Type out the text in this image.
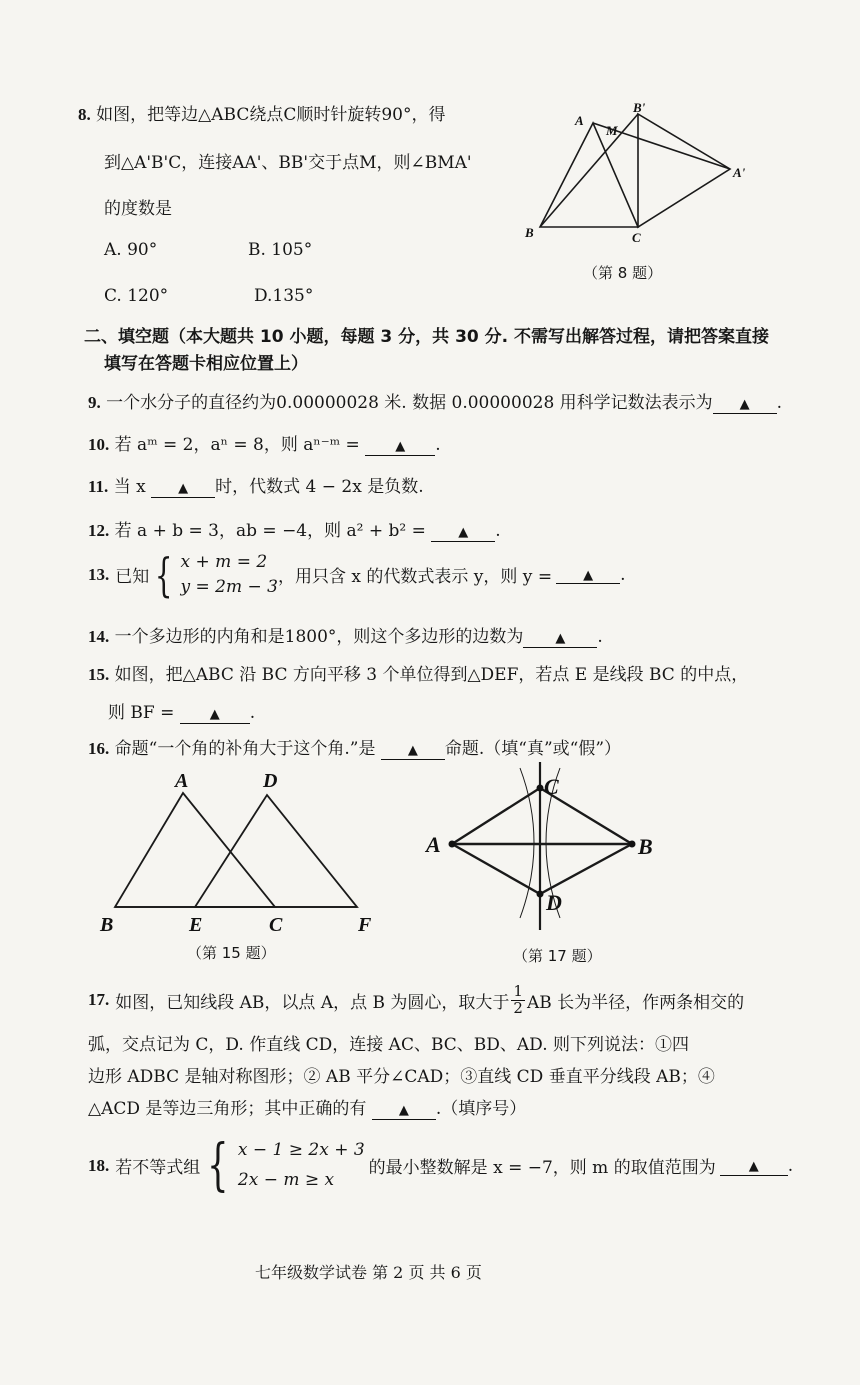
8. 如图，把等边△ABC绕点C顺时针旋转90°，得
到△A'B'C，连接AA'、BB'交于点M，则∠BMA'
的度数是
A. 90°	B. 105°
C. 120°	D.135°
A
M
B'
A'
B	C
（第 8 题）
二、填空题（本大题共 10 小题，每题 3 分，共 30 分. 不需写出解答过程，请把答案直接
填写在答题卡相应位置上）
9. 一个水分子的直径约为0.00000028 米. 数据 0.00000028 用科学记数法表示为 ▲ .
10. 若 aᵐ = 2，aⁿ = 8，则 aⁿ⁻ᵐ =	▲ .
11. 当 x ▲ 时，代数式 4 − 2x 是负数.
12. 若 a + b = 3，ab = −4，则 a² + b² = ▲ .
13. 已知 { x + m = 2
y = 2m − 3 ，用只含 x 的代数式表示 y，则 y =	▲	.
14. 一个多边形的内角和是1800°，则这个多边形的边数为 ▲ .
15. 如图，把△ABC 沿 BC 方向平移 3 个单位得到△DEF，若点 E 是线段 BC 的中点，
则 BF =	▲ .
16. 命题“一个角的补角大于这个角.”是 ▲ 命题.（填“真”或“假”）
A	D
B	E	C	F
（第 15 题）
A	B
C
D
（第 17 题）
17. 如图，已知线段 AB，以点 A，点 B 为圆心，取大于 $\frac{1}{2}$ AB 长为半径，作两条相交的
弧，交点记为 C，D. 作直线 CD，连接 AC、BC、BD、AD. 则下列说法：①四
边形 ADBC 是轴对称图形；② AB 平分∠CAD；③直线 CD 垂直平分线段 AB；④
△ACD 是等边三角形；其中正确的有 ▲ .（填序号）
18. 若不等式组 { x − 1 ≥ 2x + 3
2x − m ≥ x
的最小整数解是 x = −7，则 m 的取值范围为	▲	.
七年级数学试卷 第 2 页 共 6 页
